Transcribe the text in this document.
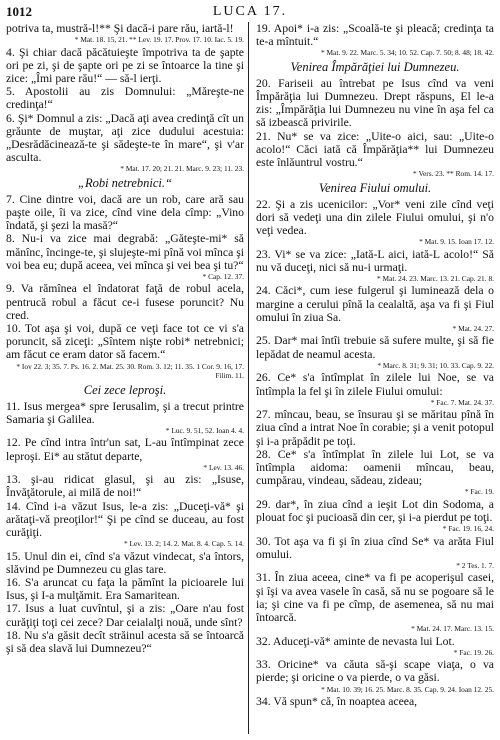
1012	LUCA 17.

potriva ta, mustră-l!** Şi dacă-i pare rău, iartă-l!

* Mat. 18. 15, 21. ** Lev. 19. 17. Prov. 17. 10. Iac. 5. 19.

4. Şi chiar dacă păcătuieşte împotriva ta de şapte ori pe zi, şi de şapte ori pe zi se întoarce la tine şi zice: „Îmi pare rău!“ — să-l ierţi.

5. Apostolii au zis Domnului: „Măreşte-ne credinţa!“

6. Şi* Domnul a zis: „Dacă aţi avea credinţă cît un grăunte de muştar, aţi zice dudului acestuia: „Desrădăcinează-te şi sădeşte-te în mare“, şi v'ar asculta.

* Mat. 17. 20; 21. 21. Marc. 9. 23; 11. 23.
„Robi netrebnici.“

7. Cine dintre voi, dacă are un rob, care ară sau paşte oile, îi va zice, cînd vine dela cîmp: „Vino îndată, şi şezi la masă?“

8. Nu-i va zice mai degrabă: „Găteşte-mi* să mănînc, încinge-te, şi slujeşte-mi pînă voi mînca şi voi bea eu; după aceea, vei mînca şi vei bea şi tu?“

* Cap. 12. 37.

9. Va rămînea el îndatorat faţă de robul acela, pentrucă robul a făcut ce-i fusese poruncit? Nu cred.

10. Tot aşa şi voi, după ce veţi face tot ce vi s'a poruncit, să ziceţi: „Sîntem nişte robi* netrebnici; am făcut ce eram dator să facem.“

* Iov 22. 3; 35. 7. Ps. 16. 2. Mat. 25. 30. Rom. 3. 12; 11. 35. 1 Cor. 9. 16, 17. Filim. 11.
Cei zece leproşi.

11. Isus mergea* spre Ierusalim, şi a trecut printre Samaria şi Galilea.

* Luc. 9. 51, 52. Ioan 4. 4.

12. Pe cînd intra într'un sat, L-au întîmpinat zece leproşi. Ei* au stătut departe,

* Lev. 13. 46.

13. şi-au ridicat glasul, şi au zis: „Isuse, Învăţătorule, ai milă de noi!“

14. Cînd i-a văzut Isus, le-a zis: „Duceţi-vă* şi arătaţi-vă preoţilor!“ Şi pe cînd se duceau, au fost curăţiţi.

* Lev. 13. 2; 14. 2. Mat. 8. 4. Cap. 5. 14.

15. Unul din ei, cînd s'a văzut vindecat, s'a întors, slăvind pe Dumnezeu cu glas tare.

16. S'a aruncat cu faţa la pămînt la picioarele lui Isus, şi I-a mulţămit. Era Samaritean.

17. Isus a luat cuvîntul, şi a zis: „Oare n'au fost curăţiţi toţi cei zece? Dar ceialalţi nouă, unde sînt?

18. Nu s'a găsit decît străinul acesta să se întoarcă şi să dea slavă lui Dumnezeu?“

19. Apoi* i-a zis: „Scoală-te şi pleacă; credinţa ta te-a mîntuit.“

* Mat. 9. 22. Marc. 5. 34; 10. 52. Cap. 7. 50; 8. 48; 18. 42.
Venirea Împărăţiei lui Dumnezeu.

20. Fariseii au întrebat pe Isus cînd va veni Împărăţia lui Dumnezeu. Drept răspuns, El le-a zis: „Împărăţia lui Dumnezeu nu vine în aşa fel ca să izbească privirile.

21. Nu* se va zice: „Uite-o aici, sau: „Uite-o acolo!“ Căci iată că Împărăţia** lui Dumnezeu este înlăuntrul vostru.“

* Vers. 23. ** Rom. 14. 17.
Venirea Fiului omului.

22. Şi a zis ucenicilor: „Vor* veni zile cînd veţi dori să vedeţi una din zilele Fiului omului, şi n'o veţi vedea.

* Mat. 9. 15. Ioan 17. 12.

23. Vi* se va zice: „Iată-L aici, iată-L acolo!“ Să nu vă duceţi, nici să nu-i urmaţi.

* Mat. 24. 23. Marc. 13. 21. Cap. 21. 8.

24. Căci*, cum iese fulgerul şi luminează dela o margine a cerului pînă la cealaltă, aşa va fi şi Fiul omului în ziua Sa.

* Mat. 24. 27.

25. Dar* mai întîi trebuie să sufere multe, şi să fie lepădat de neamul acesta.

* Marc. 8. 31; 9. 31; 10. 33. Cap. 9. 22.

26. Ce* s'a întîmplat în zilele lui Noe, se va întîmpla la fel şi în zilele Fiului omului:

* Fac. 7. Mat. 24. 37.

27. mîncau, beau, se însurau şi se măritau pînă în ziua cînd a intrat Noe în corabie; şi a venit potopul şi i-a prăpădit pe toţi.

28. Ce* s'a întîmplat în zilele lui Lot, se va întîmpla aidoma: oamenii mîncau, beau, cumpărau, vindeau, sădeau, zideau;

* Fac. 19.

29. dar*, în ziua cînd a ieşit Lot din Sodoma, a plouat foc şi pucioasă din cer, şi i-a pierdut pe toţi.

* Fac. 19. 16, 24.

30. Tot aşa va fi şi în ziua cînd Se* va arăta Fiul omului.

* 2 Tes. 1. 7.

31. În ziua aceea, cine* va fi pe acoperişul casei, şi îşi va avea vasele în casă, să nu se pogoare să le ia; şi cine va fi pe cîmp, de asemenea, să nu mai întoarcă.

* Mat. 24. 17. Marc. 13. 15.

32. Aduceţi-vă* aminte de nevasta lui Lot.

* Fac. 19. 26.

33. Oricine* va căuta să-şi scape viaţa, o va pierde; şi oricine o va pierde, o va găsi.

* Mat. 10. 39; 16. 25. Marc. 8. 35. Cap. 9. 24. Ioan 12. 25.

34. Vă spun* că, în noaptea aceea,
